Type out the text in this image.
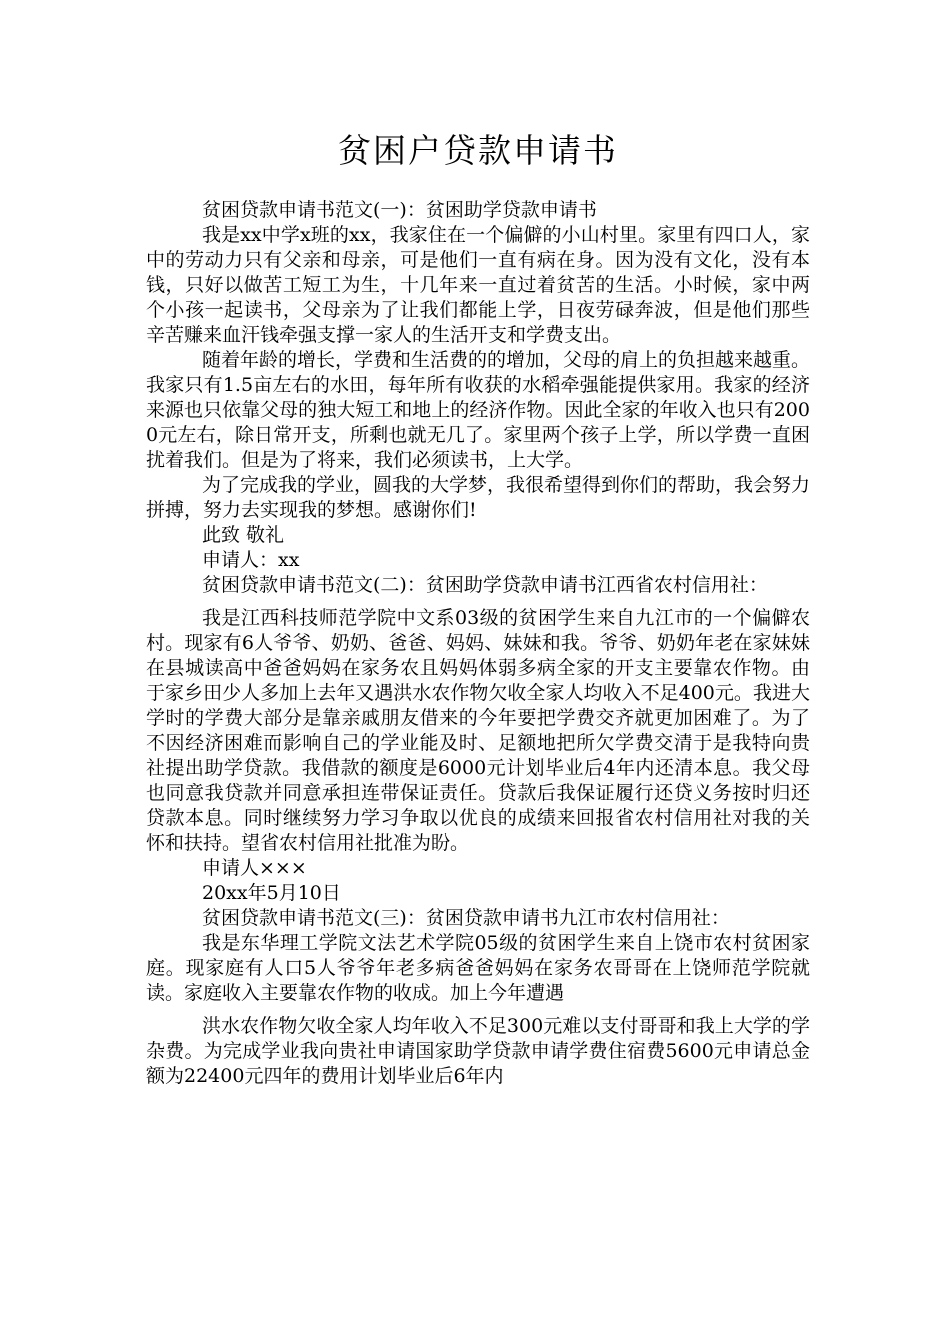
贫困户贷款申请书

贫困贷款申请书范文(一)：贫困助学贷款申请书

我是xx中学x班的xx，我家住在一个偏僻的小山村里。家里有四口人，家中的劳动力只有父亲和母亲，可是他们一直有病在身。因为没有文化，没有本钱，只好以做苦工短工为生，十几年来一直过着贫苦的生活。小时候，家中两个小孩一起读书，父母亲为了让我们都能上学，日夜劳碌奔波，但是他们那些辛苦赚来血汗钱牵强支撑一家人的生活开支和学费支出。

随着年龄的增长，学费和生活费的的增加，父母的肩上的负担越来越重。我家只有1.5亩左右的水田，每年所有收获的水稻牵强能提供家用。我家的经济来源也只依靠父母的独大短工和地上的经济作物。因此全家的年收入也只有2000元左右，除日常开支，所剩也就无几了。家里两个孩子上学，所以学费一直困扰着我们。但是为了将来，我们必须读书，上大学。

为了完成我的学业，圆我的大学梦，我很希望得到你们的帮助，我会努力拼搏，努力去实现我的梦想。感谢你们!

此致 敬礼

申请人：xx

贫困贷款申请书范文(二)：贫困助学贷款申请书江西省农村信用社：

我是江西科技师范学院中文系03级的贫困学生来自九江市的一个偏僻农村。现家有6人爷爷、奶奶、爸爸、妈妈、妹妹和我。爷爷、奶奶年老在家妹妹在县城读高中爸爸妈妈在家务农且妈妈体弱多病全家的开支主要靠农作物。由于家乡田少人多加上去年又遇洪水农作物欠收全家人均收入不足400元。我进大学时的学费大部分是靠亲戚朋友借来的今年要把学费交齐就更加困难了。为了不因经济困难而影响自己的学业能及时、足额地把所欠学费交清于是我特向贵社提出助学贷款。我借款的额度是6000元计划毕业后4年内还清本息。我父母也同意我贷款并同意承担连带保证责任。贷款后我保证履行还贷义务按时归还贷款本息。同时继续努力学习争取以优良的成绩来回报省农村信用社对我的关怀和扶持。望省农村信用社批准为盼。

申请人×××

20xx年5月10日

贫困贷款申请书范文(三)：贫困贷款申请书九江市农村信用社：

我是东华理工学院文法艺术学院05级的贫困学生来自上饶市农村贫困家庭。现家庭有人口5人爷爷年老多病爸爸妈妈在家务农哥哥在上饶师范学院就读。家庭收入主要靠农作物的收成。加上今年遭遇

洪水农作物欠收全家人均年收入不足300元难以支付哥哥和我上大学的学杂费。为完成学业我向贵社申请国家助学贷款申请学费住宿费5600元申请总金额为22400元四年的费用计划毕业后6年内
